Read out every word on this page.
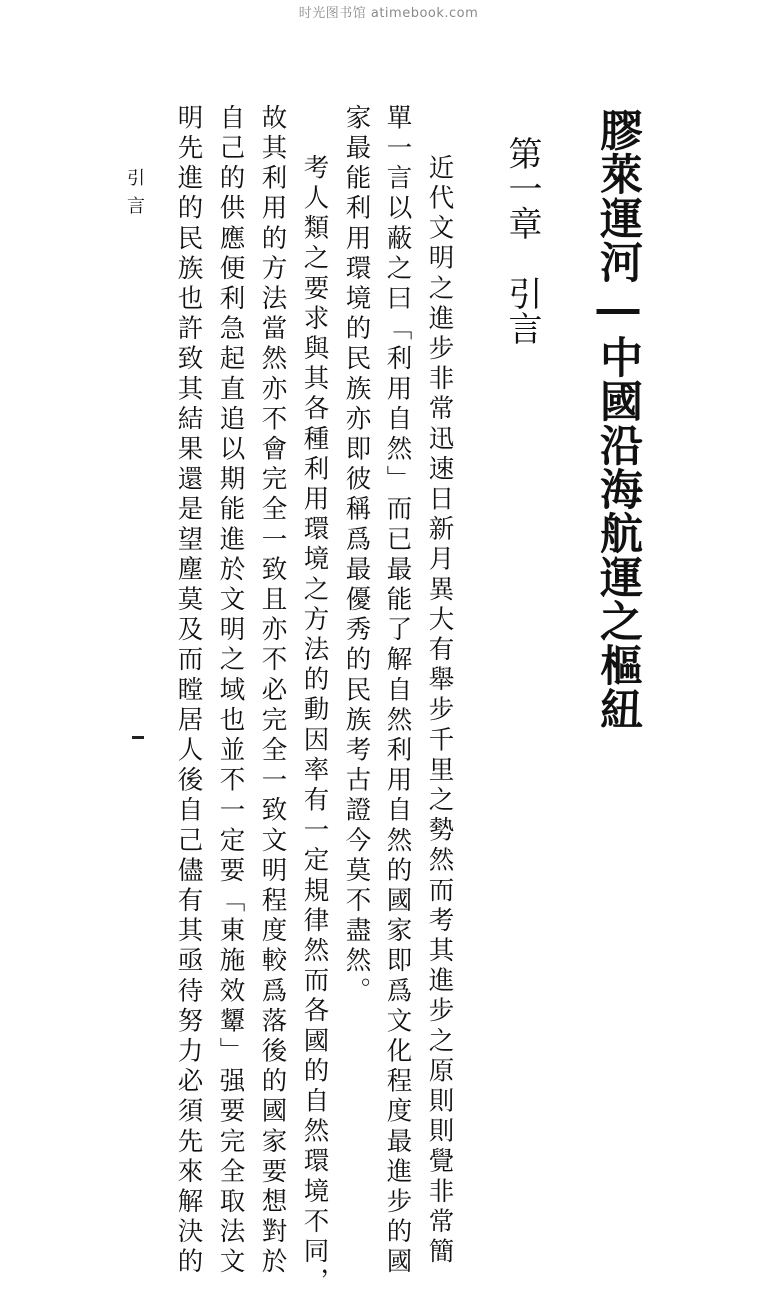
时光图书馆 atimebook.com
膠萊運河―中國沿海航運之樞紐
第一章　引言
近代文明之進步非常迅速日新月異大有舉步千里之勢然而考其進步之原則則覺非常簡
單一言以蔽之曰「利用自然」而已最能了解自然利用自然的國家即爲文化程度最進步的國
家最能利用環境的民族亦即彼稱爲最優秀的民族考古證今莫不盡然。
考人類之要求與其各種利用環境之方法的動因率有一定規律然而各國的自然環境不同，
故其利用的方法當然亦不會完全一致且亦不必完全一致文明程度較爲落後的國家要想對於
自己的供應便利急起直追以期能進於文明之域也並不一定要「東施效顰」强要完全取法文
明先進的民族也許致其結果還是望塵莫及而瞠居人後自己儘有其亟待努力必須先來解決的
引言
